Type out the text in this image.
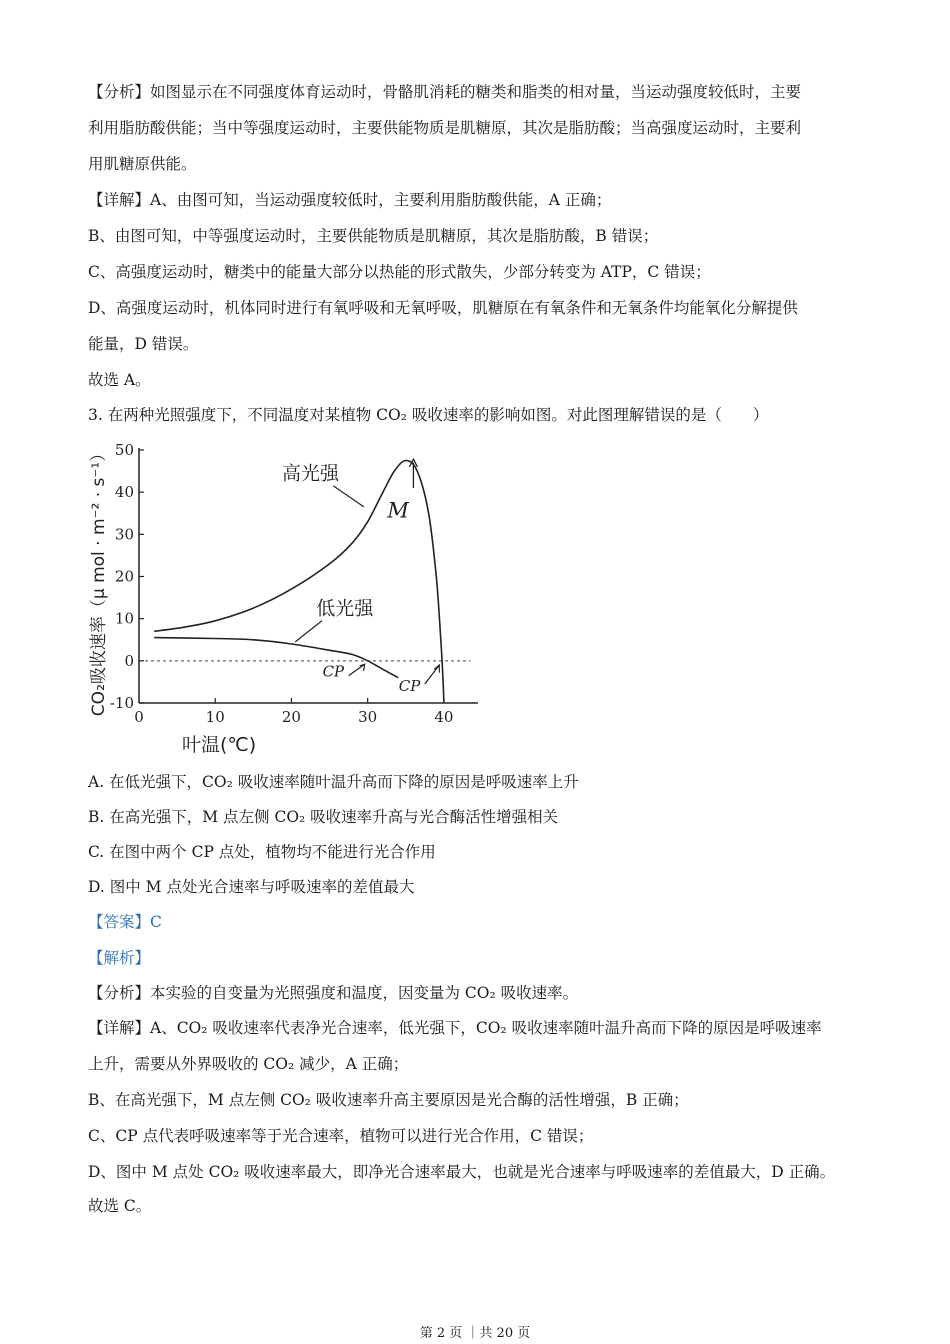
【分析】如图显示在不同强度体育运动时，骨骼肌消耗的糖类和脂类的相对量，当运动强度较低时，主要
利用脂肪酸供能；当中等强度运动时，主要供能物质是肌糖原，其次是脂肪酸；当高强度运动时，主要利
用肌糖原供能。
【详解】A、由图可知，当运动强度较低时，主要利用脂肪酸供能，A 正确；
B、由图可知，中等强度运动时，主要供能物质是肌糖原，其次是脂肪酸，B 错误；
C、高强度运动时，糖类中的能量大部分以热能的形式散失，少部分转变为 ATP，C 错误；
D、高强度运动时，机体同时进行有氧呼吸和无氧呼吸，肌糖原在有氧条件和无氧条件均能氧化分解提供
能量，D 错误。
故选 A。
3. 在两种光照强度下，不同温度对某植物 CO₂ 吸收速率的影响如图。对此图理解错误的是（　　）
-10
0
10
20
30
40
50
0	10	20	30	40
高光强
低光强
M
CP
CP
叶温(℃)
CO₂吸收速率（μ mol · m⁻² · s⁻¹）
A. 在低光强下，CO₂ 吸收速率随叶温升高而下降的原因是呼吸速率上升
B. 在高光强下，M 点左侧 CO₂ 吸收速率升高与光合酶活性增强相关
C. 在图中两个 CP 点处，植物均不能进行光合作用
D. 图中 M 点处光合速率与呼吸速率的差值最大
【答案】C
【解析】
【分析】本实验的自变量为光照强度和温度，因变量为 CO₂ 吸收速率。
【详解】A、CO₂ 吸收速率代表净光合速率，低光强下，CO₂ 吸收速率随叶温升高而下降的原因是呼吸速率
上升，需要从外界吸收的 CO₂ 减少，A 正确；
B、在高光强下，M 点左侧 CO₂ 吸收速率升高主要原因是光合酶的活性增强，B 正确；
C、CP 点代表呼吸速率等于光合速率，植物可以进行光合作用，C 错误；
D、图中 M 点处 CO₂ 吸收速率最大，即净光合速率最大，也就是光合速率与呼吸速率的差值最大，D 正确。
故选 C。
第 2 页 ｜共 20 页
